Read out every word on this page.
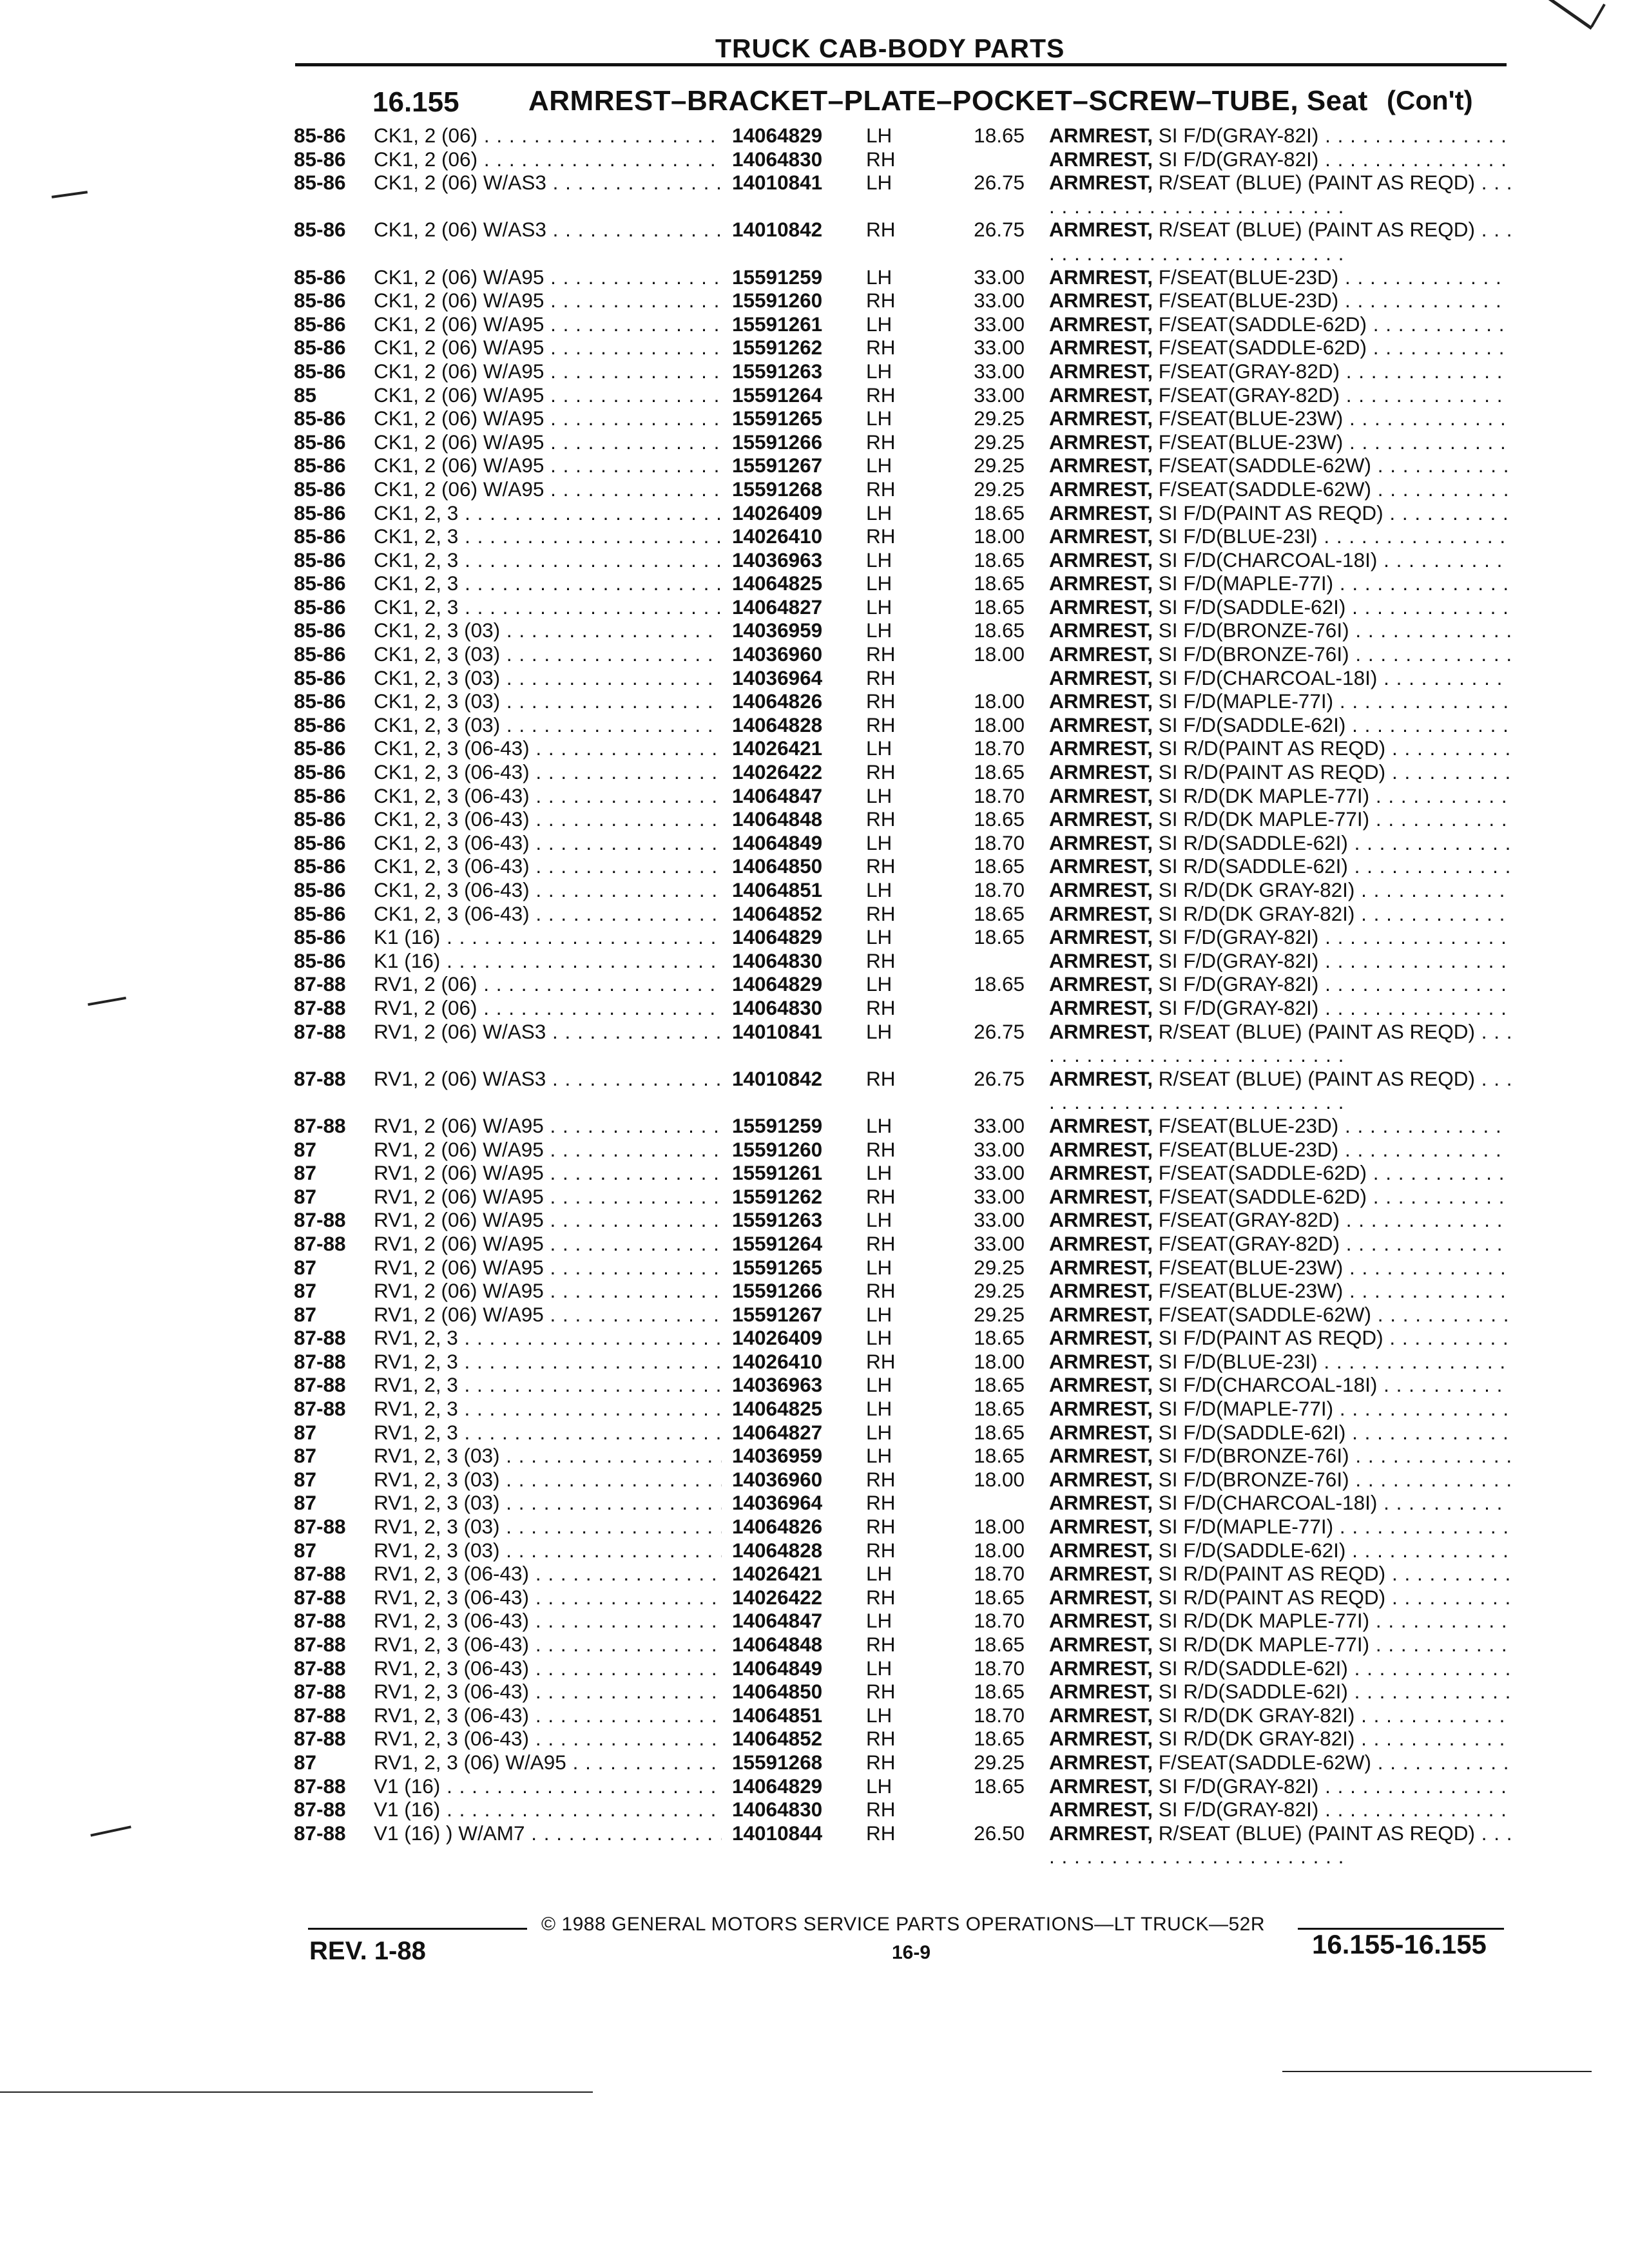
TRUCK CAB-BODY PARTS
16.155 ARMREST–BRACKET–PLATE–POCKET–SCREW–TUBE, Seat (Con't)
85-86	CK1, 2 (06) . . .	14064829	LH	18.65 ARMREST, SI F/D(GRAY-82I) . . .
85-86	CK1, 2 (06) . . .	14064830	RH	ARMREST, SI F/D(GRAY-82I) . . .
85-86	CK1, 2 (06) W/AS3 . . .	14010841	LH	26.75 ARMREST, R/SEAT (BLUE) (PAINT AS REQD) . . .
85-86	CK1, 2 (06) W/AS3 . . .	14010842	RH	26.75 ARMREST, R/SEAT (BLUE) (PAINT AS REQD) . . .
85-86	CK1, 2 (06) W/A95 . . .	15591259	LH	33.00 ARMREST, F/SEAT(BLUE-23D) . . .
85-86	CK1, 2 (06) W/A95 . . .	15591260	RH	33.00 ARMREST, F/SEAT(BLUE-23D) . . .
85-86	CK1, 2 (06) W/A95 . . .	15591261	LH	33.00 ARMREST, F/SEAT(SADDLE-62D) . . .
85-86	CK1, 2 (06) W/A95 . . .	15591262	RH	33.00 ARMREST, F/SEAT(SADDLE-62D) . . .
85-86	CK1, 2 (06) W/A95 . . .	15591263	LH	33.00 ARMREST, F/SEAT(GRAY-82D) . . .
85	CK1, 2 (06) W/A95 . . .	15591264	RH	33.00 ARMREST, F/SEAT(GRAY-82D) . . .
85-86	CK1, 2 (06) W/A95 . . .	15591265	LH	29.25 ARMREST, F/SEAT(BLUE-23W) . . .
85-86	CK1, 2 (06) W/A95 . . .	15591266	RH	29.25 ARMREST, F/SEAT(BLUE-23W) . . .
85-86	CK1, 2 (06) W/A95 . . .	15591267	LH	29.25 ARMREST, F/SEAT(SADDLE-62W) . . .
85-86	CK1, 2 (06) W/A95 . . .	15591268	RH	29.25 ARMREST, F/SEAT(SADDLE-62W) . . .
85-86	CK1, 2, 3 . . .	14026409	LH	18.65 ARMREST, SI F/D(PAINT AS REQD) . . .
85-86	CK1, 2, 3 . . .	14026410	RH	18.00 ARMREST, SI F/D(BLUE-23I) . . .
85-86	CK1, 2, 3 . . .	14036963	LH	18.65 ARMREST, SI F/D(CHARCOAL-18I) . . .
85-86	CK1, 2, 3 . . .	14064825	LH	18.65 ARMREST, SI F/D(MAPLE-77I) . . .
85-86	CK1, 2, 3 . . .	14064827	LH	18.65 ARMREST, SI F/D(SADDLE-62I) . . .
85-86	CK1, 2, 3 (03) . . .	14036959	LH	18.65 ARMREST, SI F/D(BRONZE-76I) . . .
85-86	CK1, 2, 3 (03) . . .	14036960	RH	18.00 ARMREST, SI F/D(BRONZE-76I) . . .
85-86	CK1, 2, 3 (03) . . .	14036964	RH	ARMREST, SI F/D(CHARCOAL-18I) . . .
85-86	CK1, 2, 3 (03) . . .	14064826	RH	18.00 ARMREST, SI F/D(MAPLE-77I) . . .
85-86	CK1, 2, 3 (03) . . .	14064828	RH	18.00 ARMREST, SI F/D(SADDLE-62I) . . .
85-86	CK1, 2, 3 (06-43) . . .	14026421	LH	18.70 ARMREST, SI R/D(PAINT AS REQD) . . .
85-86	CK1, 2, 3 (06-43) . . .	14026422	RH	18.65 ARMREST, SI R/D(PAINT AS REQD) . . .
85-86	CK1, 2, 3 (06-43) . . .	14064847	LH	18.70 ARMREST, SI R/D(DK MAPLE-77I) . . .
85-86	CK1, 2, 3 (06-43) . . .	14064848	RH	18.65 ARMREST, SI R/D(DK MAPLE-77I) . . .
85-86	CK1, 2, 3 (06-43) . . .	14064849	LH	18.70 ARMREST, SI R/D(SADDLE-62I) . . .
85-86	CK1, 2, 3 (06-43) . . .	14064850	RH	18.65 ARMREST, SI R/D(SADDLE-62I) . . .
85-86	CK1, 2, 3 (06-43) . . .	14064851	LH	18.70 ARMREST, SI R/D(DK GRAY-82I) . . .
85-86	CK1, 2, 3 (06-43) . . .	14064852	RH	18.65 ARMREST, SI R/D(DK GRAY-82I) . . .
85-86	K1 (16) . . .	14064829	LH	18.65 ARMREST, SI F/D(GRAY-82I) . . .
85-86	K1 (16) . . .	14064830	RH	ARMREST, SI F/D(GRAY-82I) . . .
87-88	RV1, 2 (06) . . .	14064829	LH	18.65 ARMREST, SI F/D(GRAY-82I) . . .
87-88	RV1, 2 (06) . . .	14064830	RH	ARMREST, SI F/D(GRAY-82I) . . .
87-88	RV1, 2 (06) W/AS3 . . .	14010841	LH	26.75 ARMREST, R/SEAT (BLUE) (PAINT AS REQD) . . .
87-88	RV1, 2 (06) W/AS3 . . .	14010842	RH	26.75 ARMREST, R/SEAT (BLUE) (PAINT AS REQD) . . .
87-88	RV1, 2 (06) W/A95 . . .	15591259	LH	33.00 ARMREST, F/SEAT(BLUE-23D) . . .
87	RV1, 2 (06) W/A95 . . .	15591260	RH	33.00 ARMREST, F/SEAT(BLUE-23D) . . .
87	RV1, 2 (06) W/A95 . . .	15591261	LH	33.00 ARMREST, F/SEAT(SADDLE-62D) . . .
87	RV1, 2 (06) W/A95 . . .	15591262	RH	33.00 ARMREST, F/SEAT(SADDLE-62D) . . .
87-88	RV1, 2 (06) W/A95 . . .	15591263	LH	33.00 ARMREST, F/SEAT(GRAY-82D) . . .
87-88	RV1, 2 (06) W/A95 . . .	15591264	RH	33.00 ARMREST, F/SEAT(GRAY-82D) . . .
87	RV1, 2 (06) W/A95 . . .	15591265	LH	29.25 ARMREST, F/SEAT(BLUE-23W) . . .
87	RV1, 2 (06) W/A95 . . .	15591266	RH	29.25 ARMREST, F/SEAT(BLUE-23W) . . .
87	RV1, 2 (06) W/A95 . . .	15591267	LH	29.25 ARMREST, F/SEAT(SADDLE-62W) . . .
87-88	RV1, 2, 3 . . .	14026409	LH	18.65 ARMREST, SI F/D(PAINT AS REQD) . . .
87-88	RV1, 2, 3 . . .	14026410	RH	18.00 ARMREST, SI F/D(BLUE-23I) . . .
87-88	RV1, 2, 3 . . .	14036963	LH	18.65 ARMREST, SI F/D(CHARCOAL-18I) . . .
87-88	RV1, 2, 3 . . .	14064825	LH	18.65 ARMREST, SI F/D(MAPLE-77I) . . .
87	RV1, 2, 3 . . .	14064827	LH	18.65 ARMREST, SI F/D(SADDLE-62I) . . .
87	RV1, 2, 3 (03) . . .	14036959	LH	18.65 ARMREST, SI F/D(BRONZE-76I) . . .
87	RV1, 2, 3 (03) . . .	14036960	RH	18.00 ARMREST, SI F/D(BRONZE-76I) . . .
87	RV1, 2, 3 (03) . . .	14036964	RH	ARMREST, SI F/D(CHARCOAL-18I) . . .
87-88	RV1, 2, 3 (03) . . .	14064826	RH	18.00 ARMREST, SI F/D(MAPLE-77I) . . .
87	RV1, 2, 3 (03) . . .	14064828	RH	18.00 ARMREST, SI F/D(SADDLE-62I) . . .
87-88	RV1, 2, 3 (06-43) . . .	14026421	LH	18.70 ARMREST, SI R/D(PAINT AS REQD) . . .
87-88	RV1, 2, 3 (06-43) . . .	14026422	RH	18.65 ARMREST, SI R/D(PAINT AS REQD) . . .
87-88	RV1, 2, 3 (06-43) . . .	14064847	LH	18.70 ARMREST, SI R/D(DK MAPLE-77I) . . .
87-88	RV1, 2, 3 (06-43) . . .	14064848	RH	18.65 ARMREST, SI R/D(DK MAPLE-77I) . . .
87-88	RV1, 2, 3 (06-43) . . .	14064849	LH	18.70 ARMREST, SI R/D(SADDLE-62I) . . .
87-88	RV1, 2, 3 (06-43) . . .	14064850	RH	18.65 ARMREST, SI R/D(SADDLE-62I) . . .
87-88	RV1, 2, 3 (06-43) . . .	14064851	LH	18.70 ARMREST, SI R/D(DK GRAY-82I) . . .
87-88	RV1, 2, 3 (06-43) . . .	14064852	RH	18.65 ARMREST, SI R/D(DK GRAY-82I) . . .
87	RV1, 2, 3 (06) W/A95 . . .	15591268	RH	29.25 ARMREST, F/SEAT(SADDLE-62W) . . .
87-88	V1 (16) . . .	14064829	LH	18.65 ARMREST, SI F/D(GRAY-82I) . . .
87-88	V1 (16) . . .	14064830	RH	ARMREST, SI F/D(GRAY-82I) . . .
87-88	V1 (16) ) W/AM7 . . .	14010844	RH	26.50 ARMREST, R/SEAT (BLUE) (PAINT AS REQD) . . .
© 1988 GENERAL MOTORS SERVICE PARTS OPERATIONS—LT TRUCK—52R
REV. 1-88	16-9	16.155-16.155
